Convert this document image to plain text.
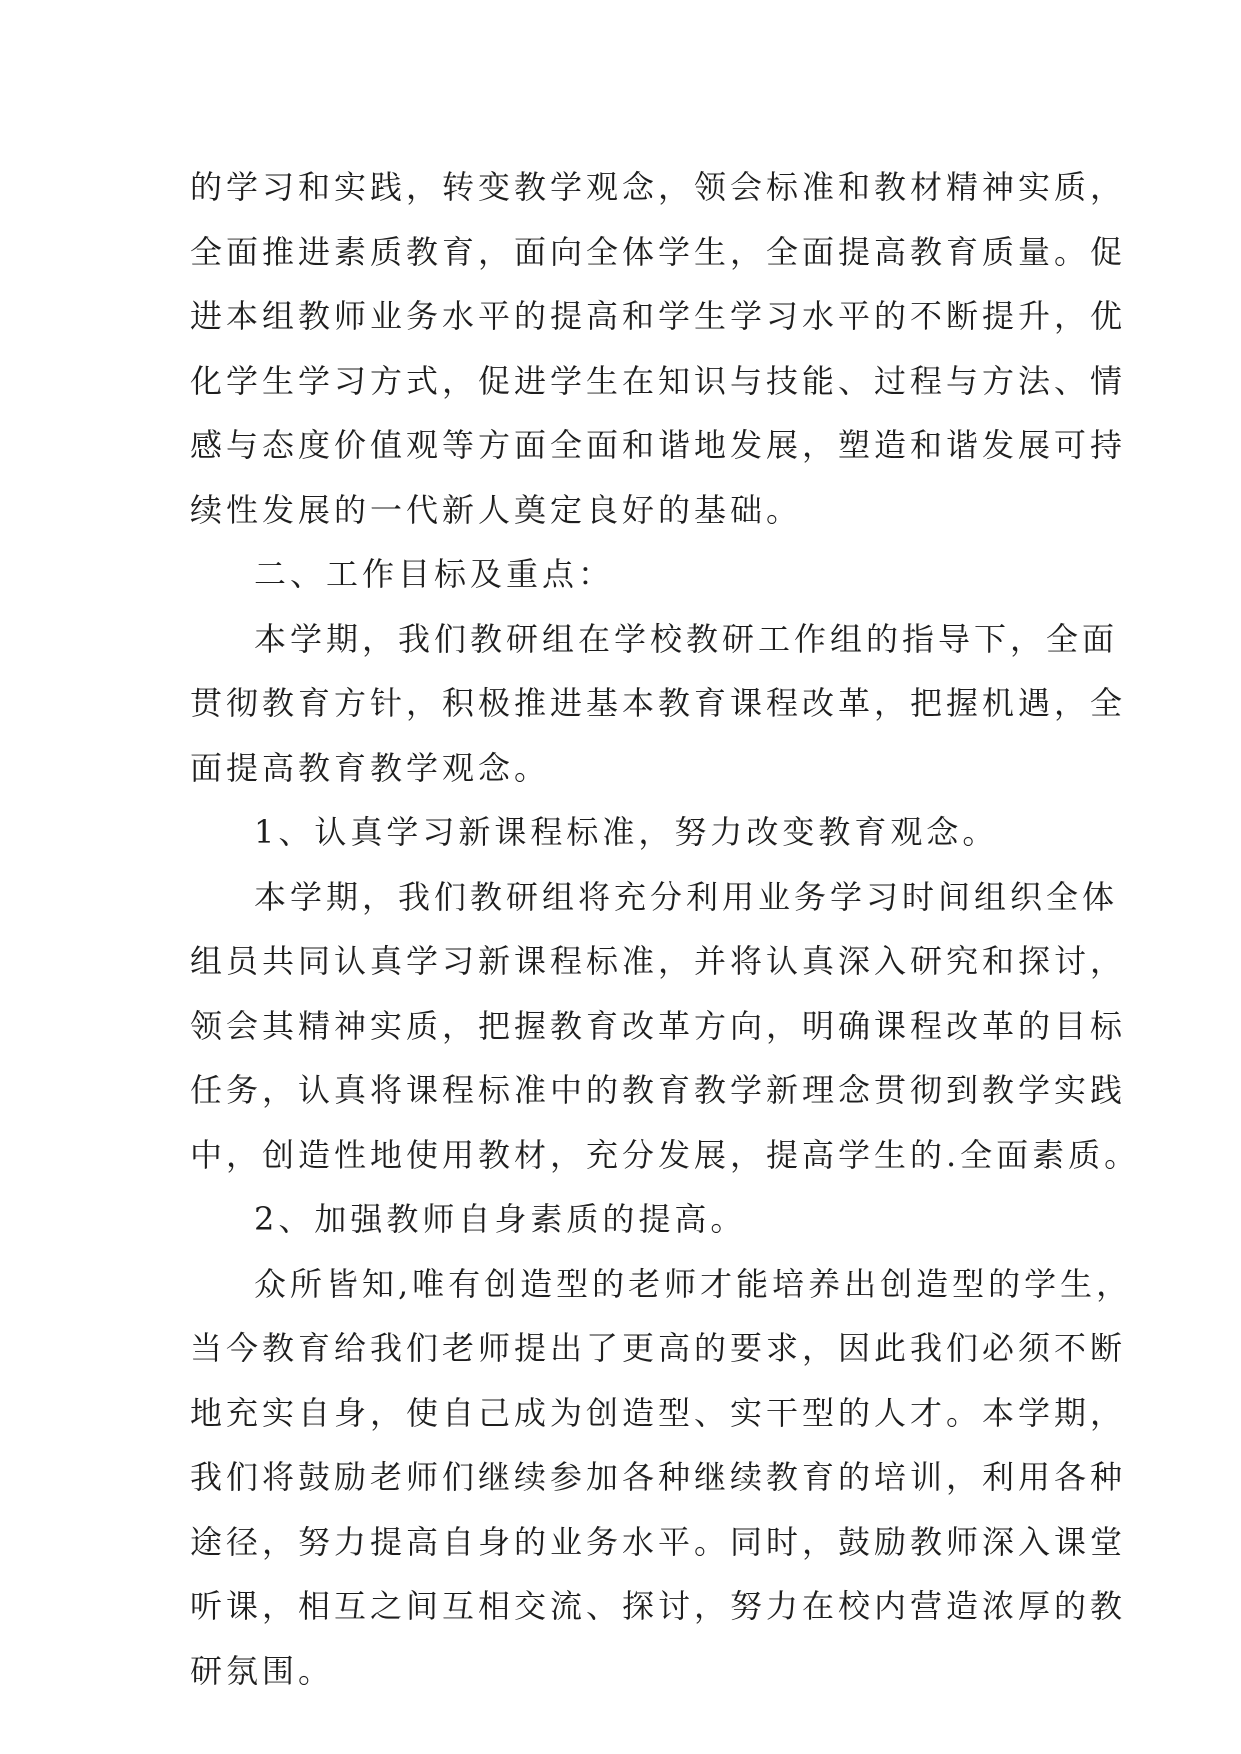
的学习和实践，转变教学观念，领会标准和教材精神实质，
全面推进素质教育，面向全体学生，全面提高教育质量。促
进本组教师业务水平的提高和学生学习水平的不断提升，优
化学生学习方式，促进学生在知识与技能、过程与方法、情
感与态度价值观等方面全面和谐地发展，塑造和谐发展可持
续性发展的一代新人奠定良好的基础。
二、工作目标及重点：
本学期，我们教研组在学校教研工作组的指导下，全面
贯彻教育方针，积极推进基本教育课程改革，把握机遇，全
面提高教育教学观念。
1、认真学习新课程标准，努力改变教育观念。
本学期，我们教研组将充分利用业务学习时间组织全体
组员共同认真学习新课程标准，并将认真深入研究和探讨，
领会其精神实质，把握教育改革方向，明确课程改革的目标
任务，认真将课程标准中的教育教学新理念贯彻到教学实践
中，创造性地使用教材，充分发展，提高学生的.全面素质。
2、加强教师自身素质的提高。
众所皆知,唯有创造型的老师才能培养出创造型的学生，
当今教育给我们老师提出了更高的要求，因此我们必须不断
地充实自身，使自己成为创造型、实干型的人才。本学期，
我们将鼓励老师们继续参加各种继续教育的培训，利用各种
途径，努力提高自身的业务水平。同时，鼓励教师深入课堂
听课，相互之间互相交流、探讨，努力在校内营造浓厚的教
研氛围。
